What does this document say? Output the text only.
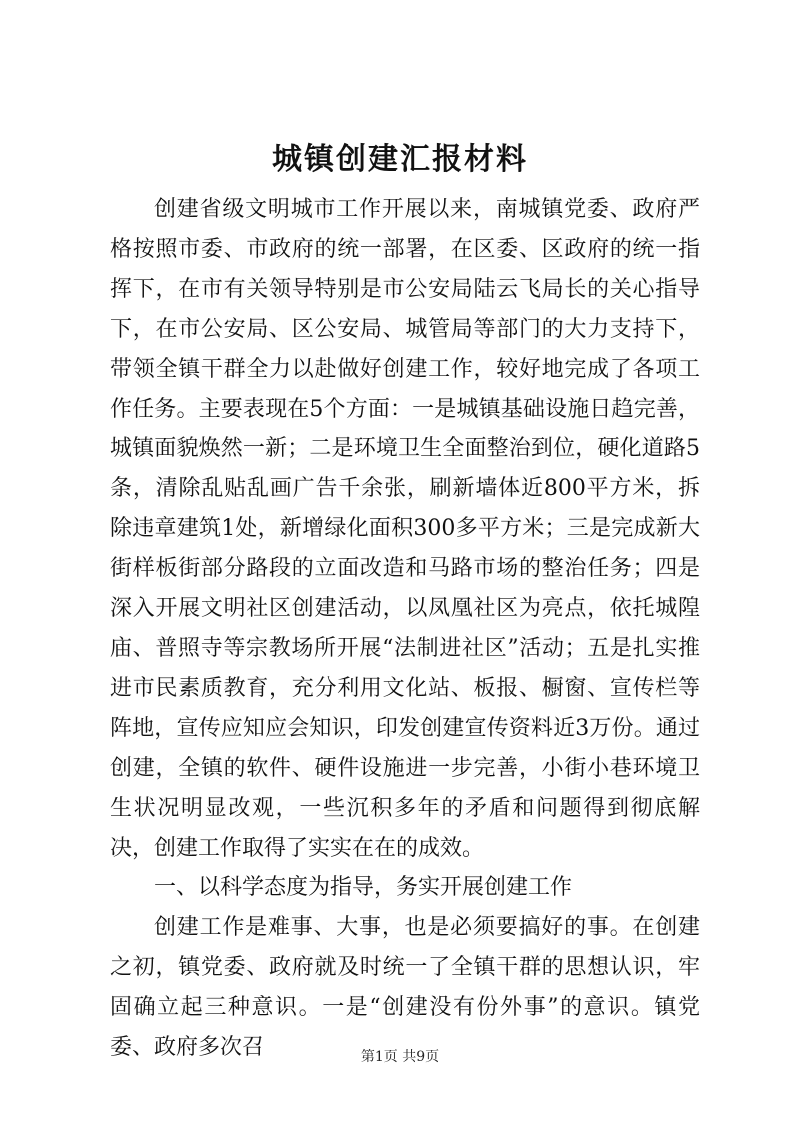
城镇创建汇报材料

创建省级文明城市工作开展以来，南城镇党委、政府严格按照市委、市政府的统一部署，在区委、区政府的统一指挥下，在市有关领导特别是市公安局陆云飞局长的关心指导下，在市公安局、区公安局、城管局等部门的大力支持下，带领全镇干群全力以赴做好创建工作，较好地完成了各项工作任务。主要表现在5个方面：一是城镇基础设施日趋完善，城镇面貌焕然一新；二是环境卫生全面整治到位，硬化道路5条，清除乱贴乱画广告千余张，刷新墙体近800平方米，拆除违章建筑1处，新增绿化面积300多平方米；三是完成新大街样板街部分路段的立面改造和马路市场的整治任务；四是深入开展文明社区创建活动，以凤凰社区为亮点，依托城隍庙、普照寺等宗教场所开展“法制进社区”活动；五是扎实推进市民素质教育，充分利用文化站、板报、橱窗、宣传栏等阵地，宣传应知应会知识，印发创建宣传资料近3万份。通过创建，全镇的软件、硬件设施进一步完善，小街小巷环境卫生状况明显改观，一些沉积多年的矛盾和问题得到彻底解决，创建工作取得了实实在在的成效。

一、以科学态度为指导，务实开展创建工作

创建工作是难事、大事，也是必须要搞好的事。在创建之初，镇党委、政府就及时统一了全镇干群的思想认识，牢固确立起三种意识。一是“创建没有份外事”的意识。镇党委、政府多次召	第1页 共9页
